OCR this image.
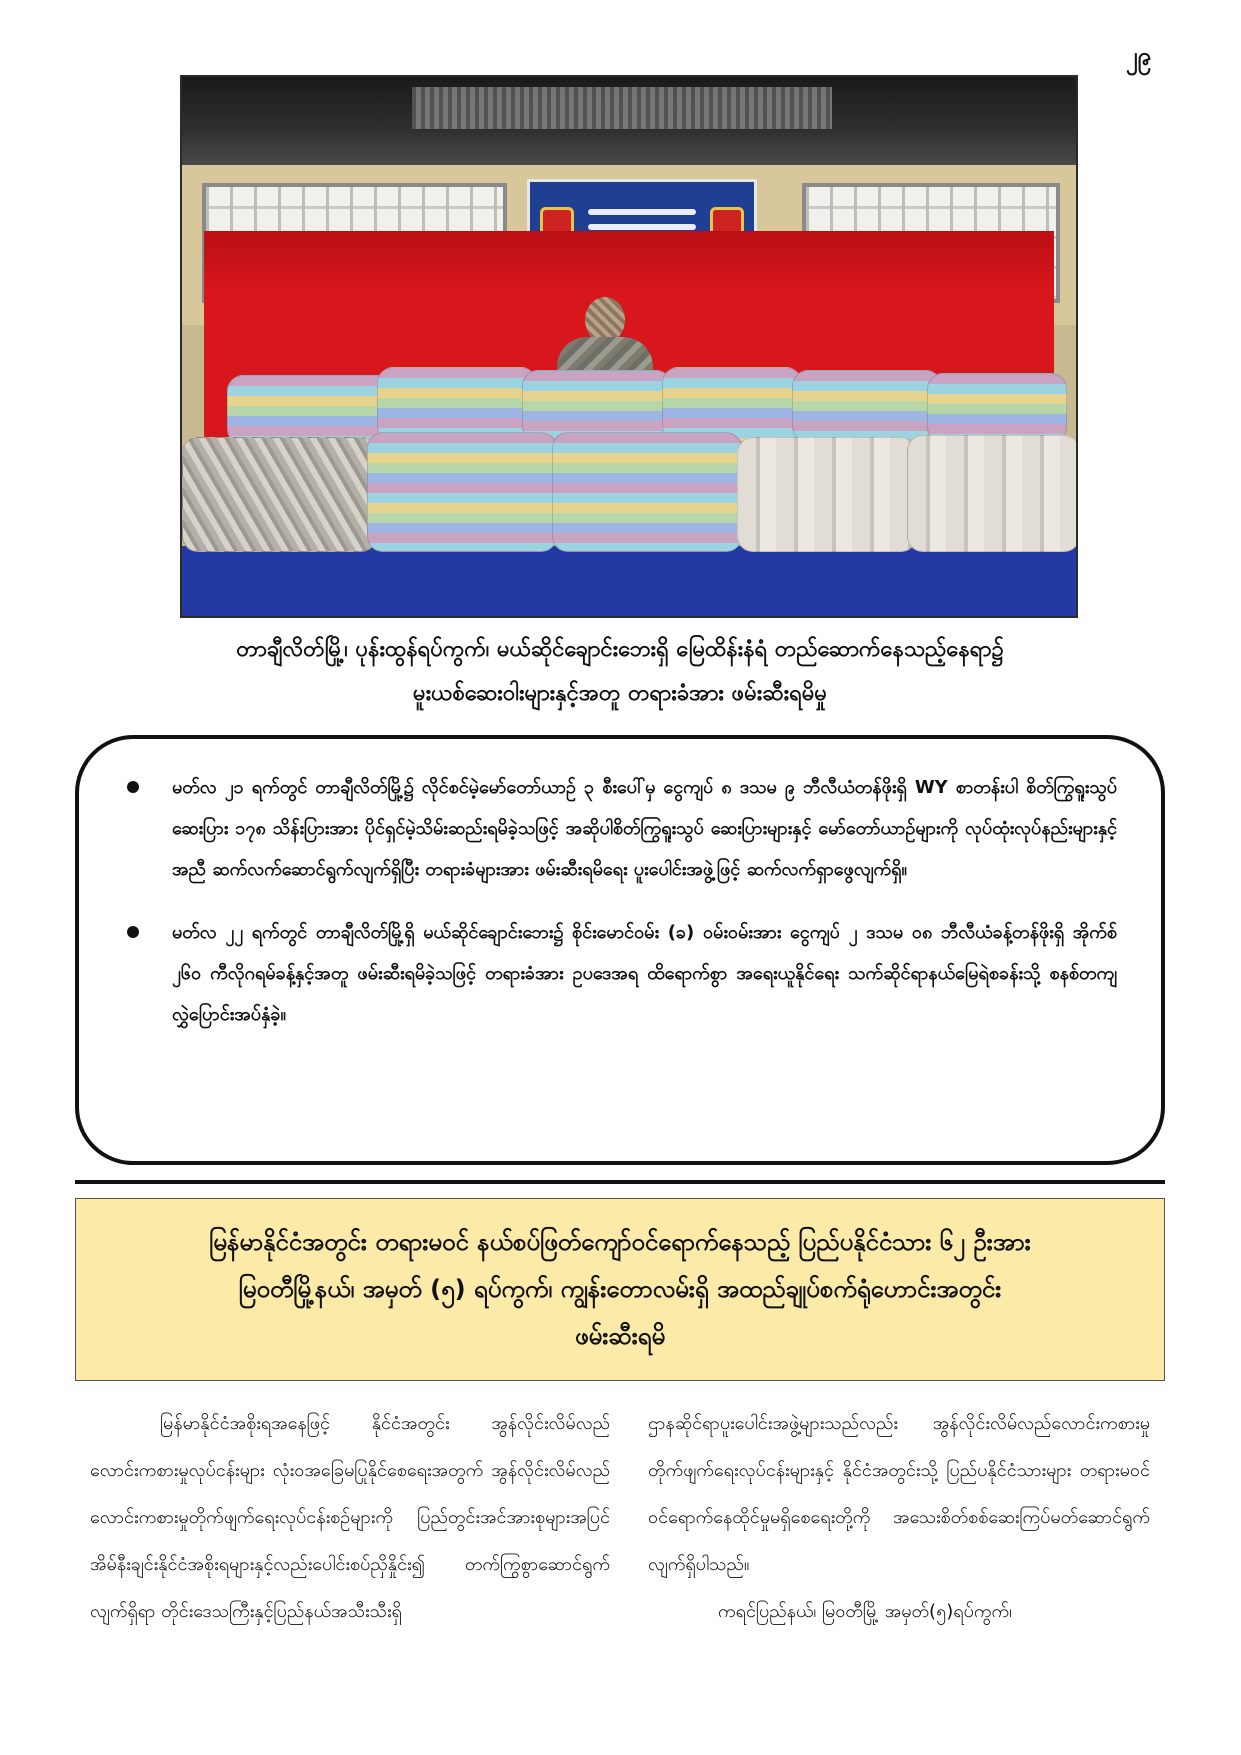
၂၉
တာချီလိတ်မြို့၊ ပုန်းထွန်ရပ်ကွက်၊ မယ်ဆိုင်ချောင်းဘေးရှိ မြေထိန်းနံရံ တည်ဆောက်နေသည့်နေရာ၌
မူးယစ်ဆေးဝါးများနှင့်အတူ တရားခံအား ဖမ်းဆီးရမိမှု
မတ်လ ၂၁ ရက်တွင် တာချီလိတ်မြို့၌ လိုင်စင်မဲ့မော်တော်ယာဉ် ၃ စီးပေါ်မှ ငွေကျပ် ၈ ဒသမ ၉ ဘီလီယံတန်ဖိုးရှိ WY စာတန်းပါ စိတ်ကြွရူးသွပ်ဆေးပြား ၁၇၈ သိန်းပြားအား ပိုင်ရှင်မဲ့သိမ်းဆည်းရမိခဲ့သဖြင့် အဆိုပါစိတ်ကြွရူးသွပ် ဆေးပြားများနှင့် မော်တော်ယာဉ်များကို လုပ်ထုံးလုပ်နည်းများနှင့်အညီ ဆက်လက်ဆောင်ရွက်လျက်ရှိပြီး တရားခံများအား ဖမ်းဆီးရမိရေး ပူးပေါင်းအဖွဲ့ဖြင့် ဆက်လက်ရှာဖွေလျက်ရှိ။
မတ်လ ၂၂ ရက်တွင် တာချီလိတ်မြို့ရှိ မယ်ဆိုင်ချောင်းဘေး၌ စိုင်းမောင်ဝမ်း (ခ) ဝမ်းဝမ်းအား ငွေကျပ် ၂ ဒသမ ၀၈ ဘီလီယံခန့်တန်ဖိုးရှိ အိုက်စ် ၂၆၀ ကီလိုဂရမ်ခန့်နှင့်အတူ ဖမ်းဆီးရမိခဲ့သဖြင့် တရားခံအား ဥပဒေအရ ထိရောက်စွာ အရေးယူနိုင်ရေး သက်ဆိုင်ရာနယ်မြေရဲစခန်းသို့ စနစ်တကျလွှဲပြောင်းအပ်နှံခဲ့။
မြန်မာနိုင်ငံအတွင်း တရားမဝင် နယ်စပ်ဖြတ်ကျော်ဝင်ရောက်နေသည့် ပြည်ပနိုင်ငံသား ၆၂ ဦးအား
မြဝတီမြို့နယ်၊ အမှတ် (၅) ရပ်ကွက်၊ ကျွန်းတောလမ်းရှိ အထည်ချုပ်စက်ရုံဟောင်းအတွင်း
ဖမ်းဆီးရမိ

မြန်မာနိုင်ငံအစိုးရအနေဖြင့် နိုင်ငံအတွင်း အွန်လိုင်းလိမ်လည်လောင်းကစားမှုလုပ်ငန်းများ လုံးဝအခြေမပြုနိုင်စေရေးအတွက် အွန်လိုင်းလိမ်လည်လောင်းကစားမှုတိုက်ဖျက်ရေးလုပ်ငန်းစဉ်များကို ပြည်တွင်းအင်အားစုများအပြင် အိမ်နီးချင်းနိုင်ငံအစိုးရများနှင့်လည်းပေါင်းစပ်ညှိနှိုင်း၍ တက်ကြွစွာဆောင်ရွက်လျက်ရှိရာ တိုင်းဒေသကြီးနှင့်ပြည်နယ်အသီးသီးရှိ

ဌာနဆိုင်ရာပူးပေါင်းအဖွဲ့များသည်လည်း အွန်လိုင်းလိမ်လည်လောင်းကစားမှုတိုက်ဖျက်ရေးလုပ်ငန်းများနှင့် နိုင်ငံအတွင်းသို့ ပြည်ပနိုင်ငံသားများ တရားမဝင် ဝင်ရောက်နေထိုင်မှုမရှိစေရေးတို့ကို အသေးစိတ်စစ်ဆေးကြပ်မတ်ဆောင်ရွက်လျက်ရှိပါသည်။

ကရင်ပြည်နယ်၊ မြဝတီမြို့ အမှတ်(၅)ရပ်ကွက်၊
